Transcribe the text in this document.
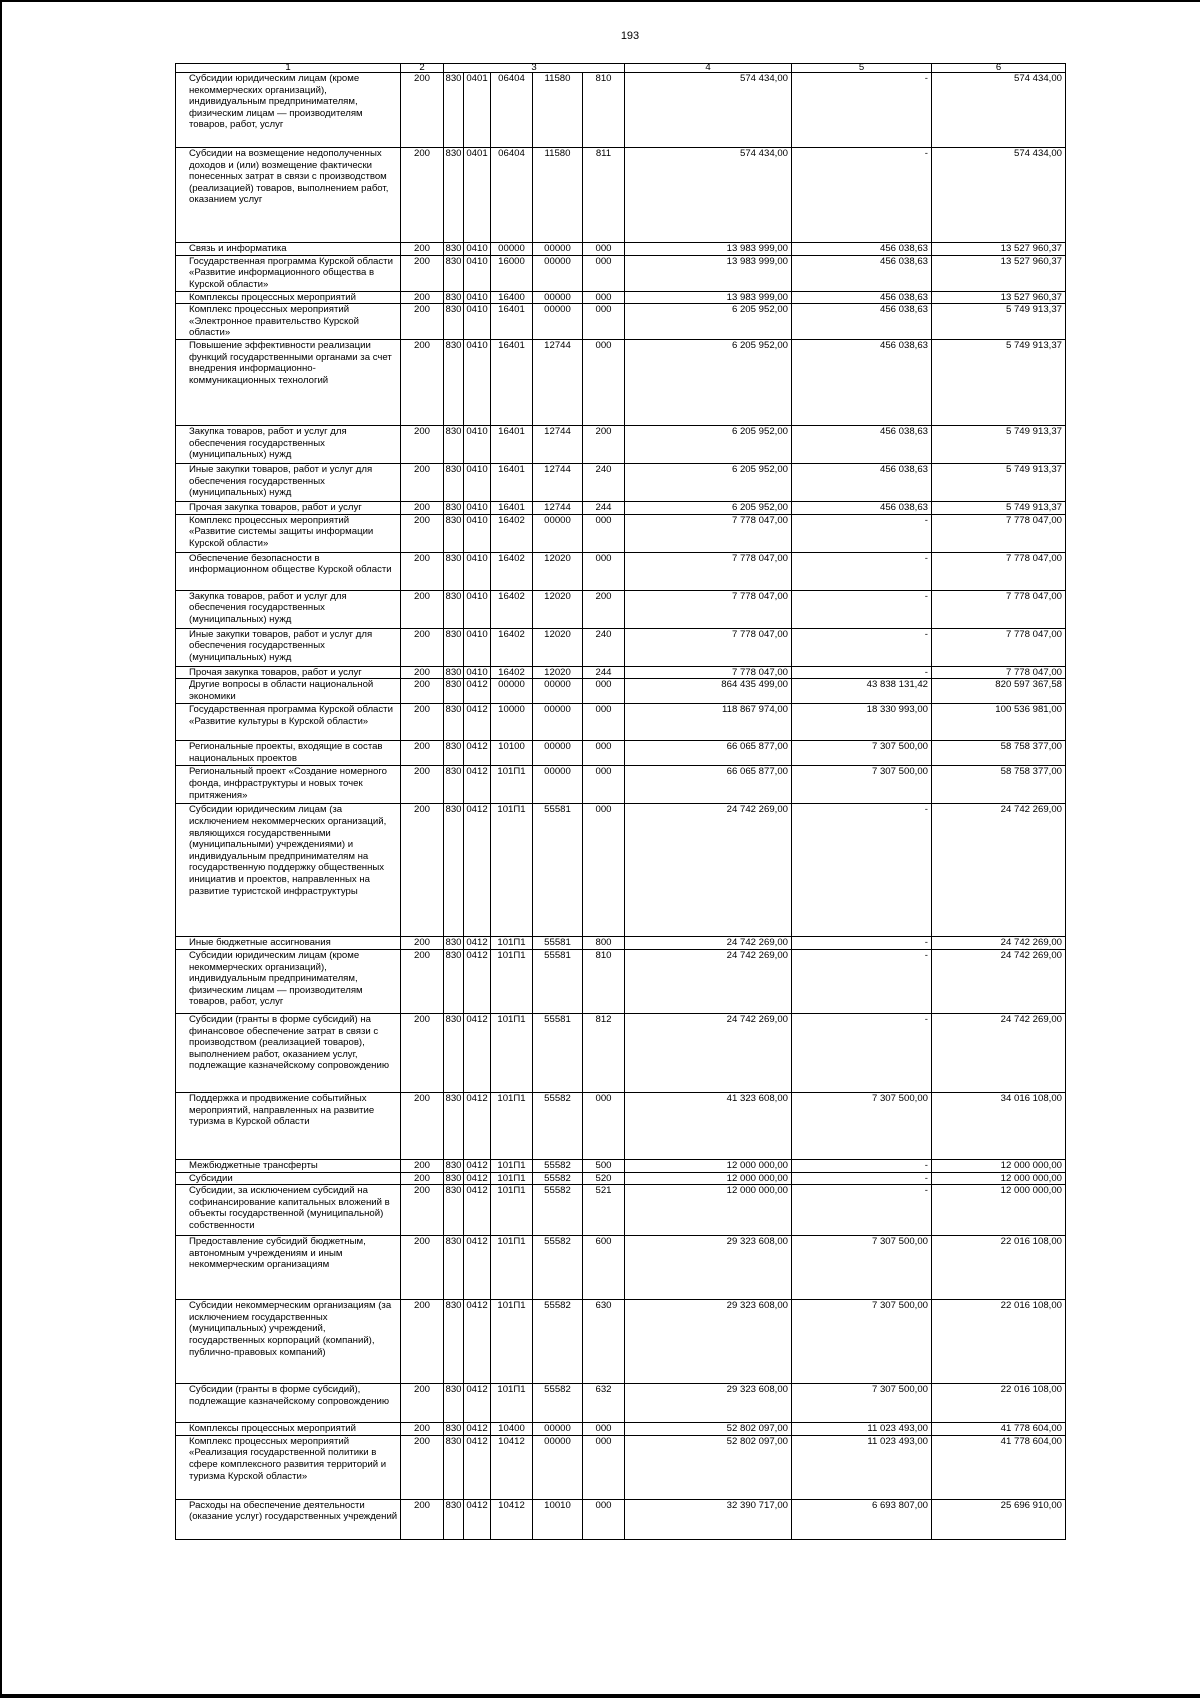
193
1	2	3					4	5	6
Субсидии юридическим лицам (кроме некоммерческих организаций), индивидуальным предпринимателям, физическим лицам — производителям товаров, работ, услуг	200	830	0401	06404	11580	810	574 434,00	-	574 434,00
Субсидии на возмещение недополученных доходов и (или) возмещение фактически понесенных затрат в связи с производством (реализацией) товаров, выполнением работ, оказанием услуг	200	830	0401	06404	11580	811	574 434,00	-	574 434,00
Связь и информатика	200	830	0410	00000	00000	000	13 983 999,00	456 038,63	13 527 960,37
Государственная программа Курской области «Развитие информационного общества в Курской области»	200	830	0410	16000	00000	000	13 983 999,00	456 038,63	13 527 960,37
Комплексы процессных мероприятий	200	830	0410	16400	00000	000	13 983 999,00	456 038,63	13 527 960,37
Комплекс процессных мероприятий «Электронное правительство Курской области»	200	830	0410	16401	00000	000	6 205 952,00	456 038,63	5 749 913,37
Повышение эффективности реализации функций государственными органами за счет внедрения информационно-коммуникационных технологий	200	830	0410	16401	12744	000	6 205 952,00	456 038,63	5 749 913,37
Закупка товаров, работ и услуг для обеспечения государственных (муниципальных) нужд	200	830	0410	16401	12744	200	6 205 952,00	456 038,63	5 749 913,37
Иные закупки товаров, работ и услуг для обеспечения государственных (муниципальных) нужд	200	830	0410	16401	12744	240	6 205 952,00	456 038,63	5 749 913,37
Прочая закупка товаров, работ и услуг	200	830	0410	16401	12744	244	6 205 952,00	456 038,63	5 749 913,37
Комплекс процессных мероприятий «Развитие системы защиты информации Курской области»	200	830	0410	16402	00000	000	7 778 047,00	-	7 778 047,00
Обеспечение безопасности в информационном обществе Курской области	200	830	0410	16402	12020	000	7 778 047,00	-	7 778 047,00
Закупка товаров, работ и услуг для обеспечения государственных (муниципальных) нужд	200	830	0410	16402	12020	200	7 778 047,00	-	7 778 047,00
Иные закупки товаров, работ и услуг для обеспечения государственных (муниципальных) нужд	200	830	0410	16402	12020	240	7 778 047,00	-	7 778 047,00
Прочая закупка товаров, работ и услуг	200	830	0410	16402	12020	244	7 778 047,00	-	7 778 047,00
Другие вопросы в области национальной экономики	200	830	0412	00000	00000	000	864 435 499,00	43 838 131,42	820 597 367,58
Государственная программа Курской области «Развитие культуры в Курской области»	200	830	0412	10000	00000	000	118 867 974,00	18 330 993,00	100 536 981,00
Региональные проекты, входящие в состав национальных проектов	200	830	0412	10100	00000	000	66 065 877,00	7 307 500,00	58 758 377,00
Региональный проект «Создание номерного фонда, инфраструктуры и новых точек притяжения»	200	830	0412	101П1	00000	000	66 065 877,00	7 307 500,00	58 758 377,00
Субсидии юридическим лицам (за исключением некоммерческих организаций, являющихся государственными (муниципальными) учреждениями) и индивидуальным предпринимателям на государственную поддержку общественных инициатив и проектов, направленных на развитие туристской инфраструктуры	200	830	0412	101П1	55581	000	24 742 269,00	-	24 742 269,00
Иные бюджетные ассигнования	200	830	0412	101П1	55581	800	24 742 269,00	-	24 742 269,00
Субсидии юридическим лицам (кроме некоммерческих организаций), индивидуальным предпринимателям, физическим лицам — производителям товаров, работ, услуг	200	830	0412	101П1	55581	810	24 742 269,00	-	24 742 269,00
Субсидии (гранты в форме субсидий) на финансовое обеспечение затрат в связи с производством (реализацией товаров), выполнением работ, оказанием услуг, подлежащие казначейскому сопровождению	200	830	0412	101П1	55581	812	24 742 269,00	-	24 742 269,00
Поддержка и продвижение событийных мероприятий, направленных на развитие туризма в Курской области	200	830	0412	101П1	55582	000	41 323 608,00	7 307 500,00	34 016 108,00
Межбюджетные трансферты	200	830	0412	101П1	55582	500	12 000 000,00	-	12 000 000,00
Субсидии	200	830	0412	101П1	55582	520	12 000 000,00	-	12 000 000,00
Субсидии, за исключением субсидий на софинансирование капитальных вложений в объекты государственной (муниципальной) собственности	200	830	0412	101П1	55582	521	12 000 000,00	-	12 000 000,00
Предоставление субсидий бюджетным, автономным учреждениям и иным некоммерческим организациям	200	830	0412	101П1	55582	600	29 323 608,00	7 307 500,00	22 016 108,00
Субсидии некоммерческим организациям (за исключением государственных (муниципальных) учреждений, государственных корпораций (компаний), публично-правовых компаний)	200	830	0412	101П1	55582	630	29 323 608,00	7 307 500,00	22 016 108,00
Субсидии (гранты в форме субсидий), подлежащие казначейскому сопровождению	200	830	0412	101П1	55582	632	29 323 608,00	7 307 500,00	22 016 108,00
Комплексы процессных мероприятий	200	830	0412	10400	00000	000	52 802 097,00	11 023 493,00	41 778 604,00
Комплекс процессных мероприятий «Реализация государственной политики в сфере комплексного развития территорий и туризма Курской области»	200	830	0412	10412	00000	000	52 802 097,00	11 023 493,00	41 778 604,00
Расходы на обеспечение деятельности (оказание услуг) государственных учреждений	200	830	0412	10412	10010	000	32 390 717,00	6 693 807,00	25 696 910,00
